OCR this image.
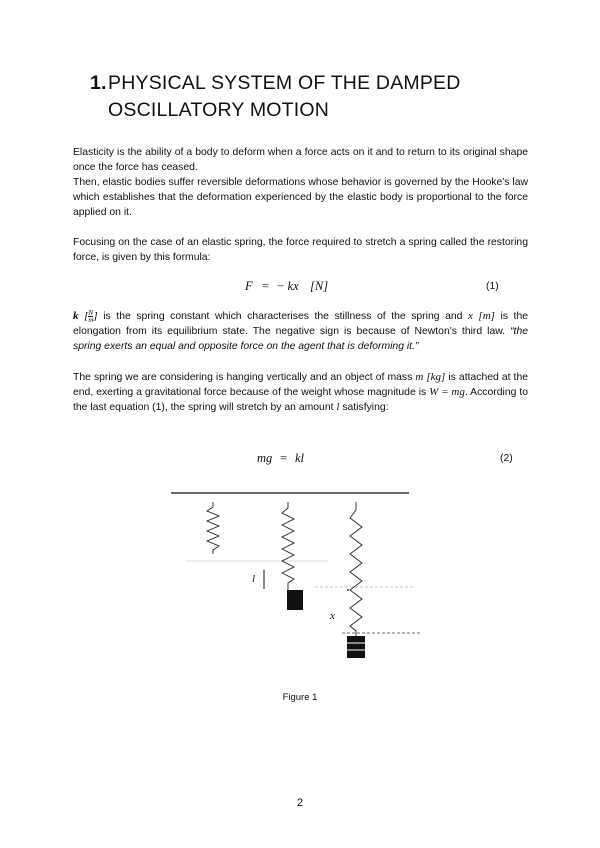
1. PHYSICAL SYSTEM OF THE DAMPED
OSCILLATORY MOTION

Elasticity is the ability of a body to deform when a force acts on it and to return to its original shape once the force has ceased.

Then, elastic bodies suffer reversible deformations whose behavior is governed by the Hooke's law which establishes that the deformation experienced by the elastic body is proportional to the force applied on it.

Focusing on the case of an elastic spring, the force required to stretch a spring called the restoring force, is given by this formula:

F = − kx [N]	(1)

k [ $\frac{N}{m}$ ] is the spring constant which characterises the stillness of the spring and x [m] is the elongation from its equilibrium state. The negative sign is because of Newton's third law. “the spring exerts an equal and opposite force on the agent that is deforming it.”

The spring we are considering is hanging vertically and an object of mass m [kg] is attached at the end, exerting a gravitational force because of the weight whose magnitude is W = mg. According to the last equation (1), the spring will stretch by an amount l satisfying:

mg = kl	(2)
l
x
Figure 1
2
